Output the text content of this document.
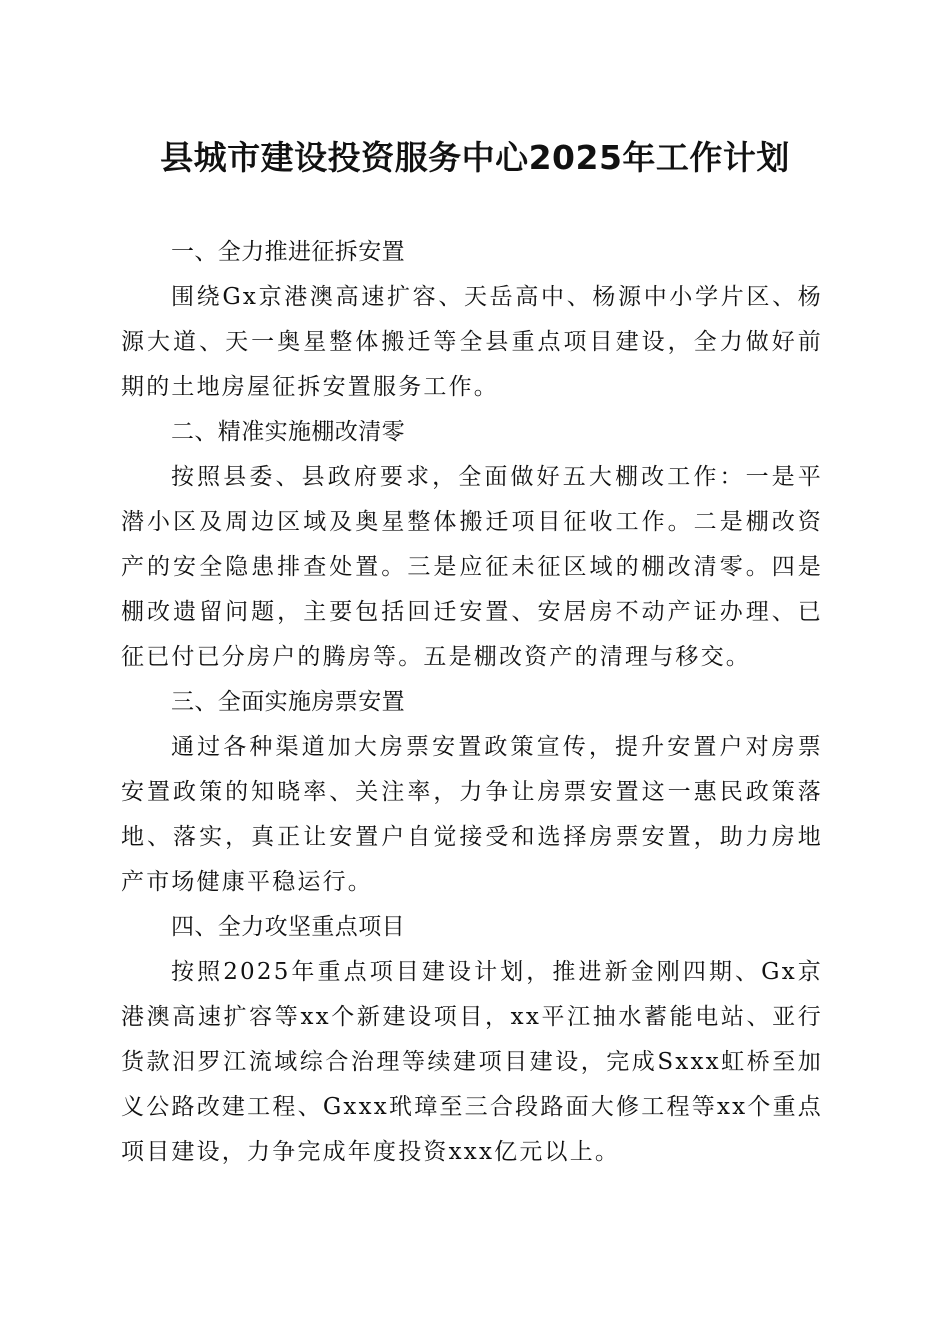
县城市建设投资服务中心2025年工作计划
一、全力推进征拆安置

围绕Gx京港澳高速扩容、天岳高中、杨源中小学片区、杨源大道、天一奥星整体搬迁等全县重点项目建设，全力做好前期的土地房屋征拆安置服务工作。

二、精准实施棚改清零

按照县委、县政府要求，全面做好五大棚改工作：一是平潜小区及周边区域及奥星整体搬迁项目征收工作。二是棚改资产的安全隐患排查处置。三是应征未征区域的棚改清零。四是棚改遗留问题，主要包括回迁安置、安居房不动产证办理、已征已付已分房户的腾房等。五是棚改资产的清理与移交。

三、全面实施房票安置

通过各种渠道加大房票安置政策宣传，提升安置户对房票安置政策的知晓率、关注率，力争让房票安置这一惠民政策落地、落实，真正让安置户自觉接受和选择房票安置，助力房地产市场健康平稳运行。

四、全力攻坚重点项目

按照2025年重点项目建设计划，推进新金刚四期、Gx京港澳高速扩容等xx个新建设项目，xx平江抽水蓄能电站、亚行货款汨罗江流域综合治理等续建项目建设，完成Sxxx虹桥至加义公路改建工程、Gxxx玳璋至三合段路面大修工程等xx个重点项目建设，力争完成年度投资xxx亿元以上。
